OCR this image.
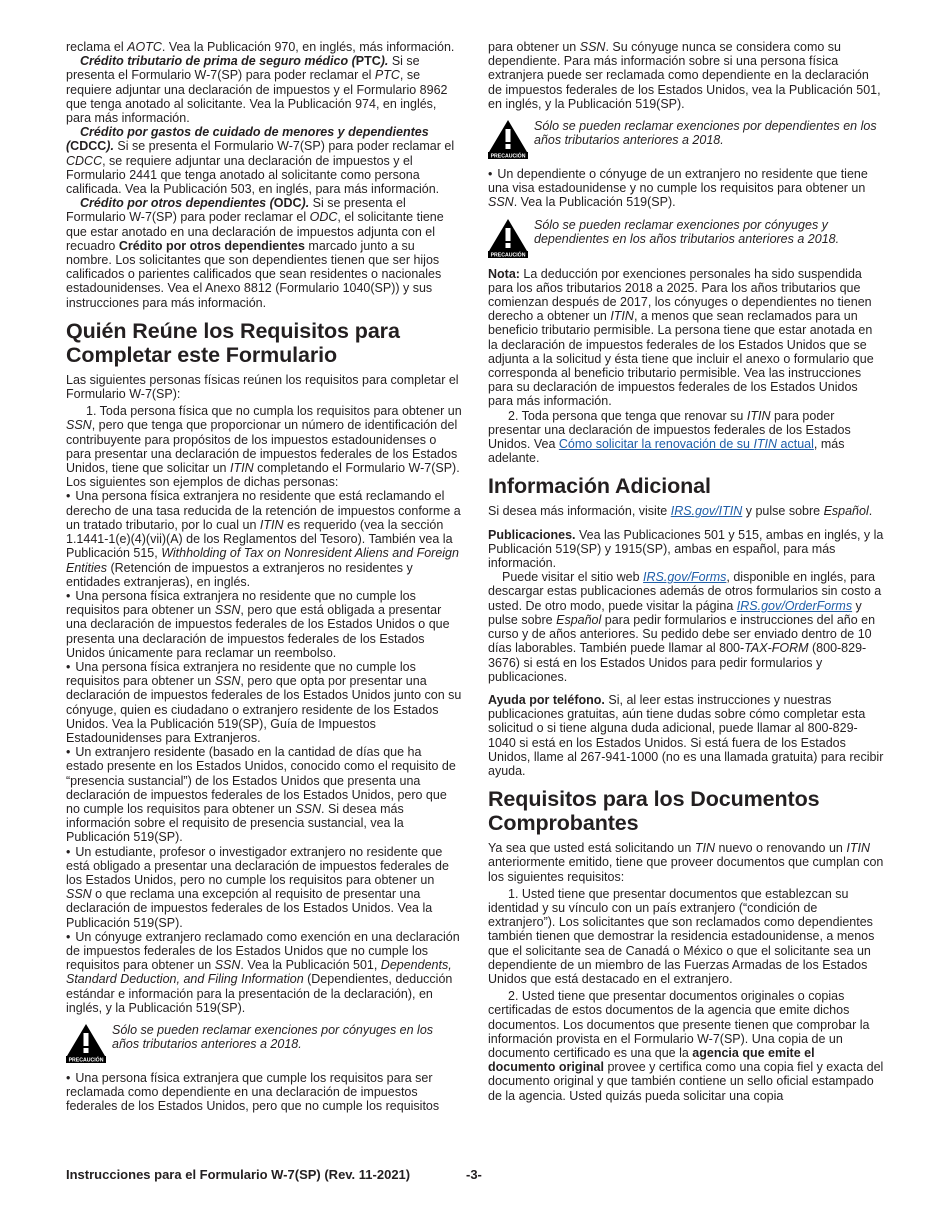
reclama el AOTC. Vea la Publicación 970, en inglés, más información.

Crédito tributario de prima de seguro médico (PTC). Si se presenta el Formulario W-7(SP) para poder reclamar el PTC, se requiere adjuntar una declaración de impuestos y el Formulario 8962 que tenga anotado al solicitante. Vea la Publicación 974, en inglés, para más información.

Crédito por gastos de cuidado de menores y dependientes (CDCC). Si se presenta el Formulario W-7(SP) para poder reclamar el CDCC, se requiere adjuntar una declaración de impuestos y el Formulario 2441 que tenga anotado al solicitante como persona calificada. Vea la Publicación 503, en inglés, para más información.

Crédito por otros dependientes (ODC). Si se presenta el Formulario W-7(SP) para poder reclamar el ODC, el solicitante tiene que estar anotado en una declaración de impuestos adjunta con el recuadro Crédito por otros dependientes marcado junto a su nombre. Los solicitantes que son dependientes tienen que ser hijos calificados o parientes calificados que sean residentes o nacionales estadounidenses. Vea el Anexo 8812 (Formulario 1040(SP)) y sus instrucciones para más información.

Quién Reúne los Requisitos para Completar este Formulario

Las siguientes personas físicas reúnen los requisitos para completar el Formulario W-7(SP):

1. Toda persona física que no cumpla los requisitos para obtener un SSN, pero que tenga que proporcionar un número de identificación del contribuyente para propósitos de los impuestos estadounidenses o para presentar una declaración de impuestos federales de los Estados Unidos, tiene que solicitar un ITIN completando el Formulario W-7(SP). Los siguientes son ejemplos de dichas personas:

• Una persona física extranjera no residente que está reclamando el derecho de una tasa reducida de la retención de impuestos conforme a un tratado tributario, por lo cual un ITIN es requerido (vea la sección 1.1441-1(e)(4)(vii)(A) de los Reglamentos del Tesoro). También vea la Publicación 515, Withholding of Tax on Nonresident Aliens and Foreign Entities (Retención de impuestos a extranjeros no residentes y entidades extranjeras), en inglés.

• Una persona física extranjera no residente que no cumple los requisitos para obtener un SSN, pero que está obligada a presentar una declaración de impuestos federales de los Estados Unidos o que presenta una declaración de impuestos federales de los Estados Unidos únicamente para reclamar un reembolso.

• Una persona física extranjera no residente que no cumple los requisitos para obtener un SSN, pero que opta por presentar una declaración de impuestos federales de los Estados Unidos junto con su cónyuge, quien es ciudadano o extranjero residente de los Estados Unidos. Vea la Publicación 519(SP), Guía de Impuestos Estadounidenses para Extranjeros.

• Un extranjero residente (basado en la cantidad de días que ha estado presente en los Estados Unidos, conocido como el requisito de “presencia sustancial”) de los Estados Unidos que presenta una declaración de impuestos federales de los Estados Unidos, pero que no cumple los requisitos para obtener un SSN. Si desea más información sobre el requisito de presencia sustancial, vea la Publicación 519(SP).

• Un estudiante, profesor o investigador extranjero no residente que está obligado a presentar una declaración de impuestos federales de los Estados Unidos, pero no cumple los requisitos para obtener un SSN o que reclama una excepción al requisito de presentar una declaración de impuestos federales de los Estados Unidos. Vea la Publicación 519(SP).

• Un cónyuge extranjero reclamado como exención en una declaración de impuestos federales de los Estados Unidos que no cumple los requisitos para obtener un SSN. Vea la Publicación 501, Dependents, Standard Deduction, and Filing Information (Dependientes, deducción estándar e información para la presentación de la declaración), en inglés, y la Publicación 519(SP).

PRECAUCIÓN
Sólo se pueden reclamar exenciones por cónyuges en los años tributarios anteriores a 2018.

• Una persona física extranjera que cumple los requisitos para ser reclamada como dependiente en una declaración de impuestos federales de los Estados Unidos, pero que no cumple los requisitos

para obtener un SSN. Su cónyuge nunca se considera como su dependiente. Para más información sobre si una persona física extranjera puede ser reclamada como dependiente en la declaración de impuestos federales de los Estados Unidos, vea la Publicación 501, en inglés, y la Publicación 519(SP).

PRECAUCIÓN
Sólo se pueden reclamar exenciones por dependientes en los años tributarios anteriores a 2018.

• Un dependiente o cónyuge de un extranjero no residente que tiene una visa estadounidense y no cumple los requisitos para obtener un SSN. Vea la Publicación 519(SP).

PRECAUCIÓN
Sólo se pueden reclamar exenciones por cónyuges y dependientes en los años tributarios anteriores a 2018.

Nota: La deducción por exenciones personales ha sido suspendida para los años tributarios 2018 a 2025. Para los años tributarios que comienzan después de 2017, los cónyuges o dependientes no tienen derecho a obtener un ITIN, a menos que sean reclamados para un beneficio tributario permisible. La persona tiene que estar anotada en la declaración de impuestos federales de los Estados Unidos que se adjunta a la solicitud y ésta tiene que incluir el anexo o formulario que corresponda al beneficio tributario permisible. Vea las instrucciones para su declaración de impuestos federales de los Estados Unidos para más información.

2. Toda persona que tenga que renovar su ITIN para poder presentar una declaración de impuestos federales de los Estados Unidos. Vea Cómo solicitar la renovación de su ITIN actual, más adelante.

Información Adicional

Si desea más información, visite IRS.gov/ITIN y pulse sobre Español.

Publicaciones. Vea las Publicaciones 501 y 515, ambas en inglés, y la Publicación 519(SP) y 1915(SP), ambas en español, para más información.

Puede visitar el sitio web IRS.gov/Forms, disponible en inglés, para descargar estas publicaciones además de otros formularios sin costo a usted. De otro modo, puede visitar la página IRS.gov/OrderForms y pulse sobre Español para pedir formularios e instrucciones del año en curso y de años anteriores. Su pedido debe ser enviado dentro de 10 días laborables. También puede llamar al 800-TAX-FORM (800-829-3676) si está en los Estados Unidos para pedir formularios y publicaciones.

Ayuda por teléfono. Si, al leer estas instrucciones y nuestras publicaciones gratuitas, aún tiene dudas sobre cómo completar esta solicitud o si tiene alguna duda adicional, puede llamar al 800-829-1040 si está en los Estados Unidos. Si está fuera de los Estados Unidos, llame al 267-941-1000 (no es una llamada gratuita) para recibir ayuda.

Requisitos para los Documentos Comprobantes

Ya sea que usted está solicitando un TIN nuevo o renovando un ITIN anteriormente emitido, tiene que proveer documentos que cumplan con los siguientes requisitos:

1. Usted tiene que presentar documentos que establezcan su identidad y su vínculo con un país extranjero (“condición de extranjero”). Los solicitantes que son reclamados como dependientes también tienen que demostrar la residencia estadounidense, a menos que el solicitante sea de Canadá o México o que el solicitante sea un dependiente de un miembro de las Fuerzas Armadas de los Estados Unidos que está destacado en el extranjero.

2. Usted tiene que presentar documentos originales o copias certificadas de estos documentos de la agencia que emite dichos documentos. Los documentos que presente tienen que comprobar la información provista en el Formulario W-7(SP). Una copia de un documento certificado es una que la agencia que emite el documento original provee y certifica como una copia fiel y exacta del documento original y que también contiene un sello oficial estampado de la agencia. Usted quizás pueda solicitar una copia

Instrucciones para el Formulario W-7(SP) (Rev. 11-2021)	-3-
